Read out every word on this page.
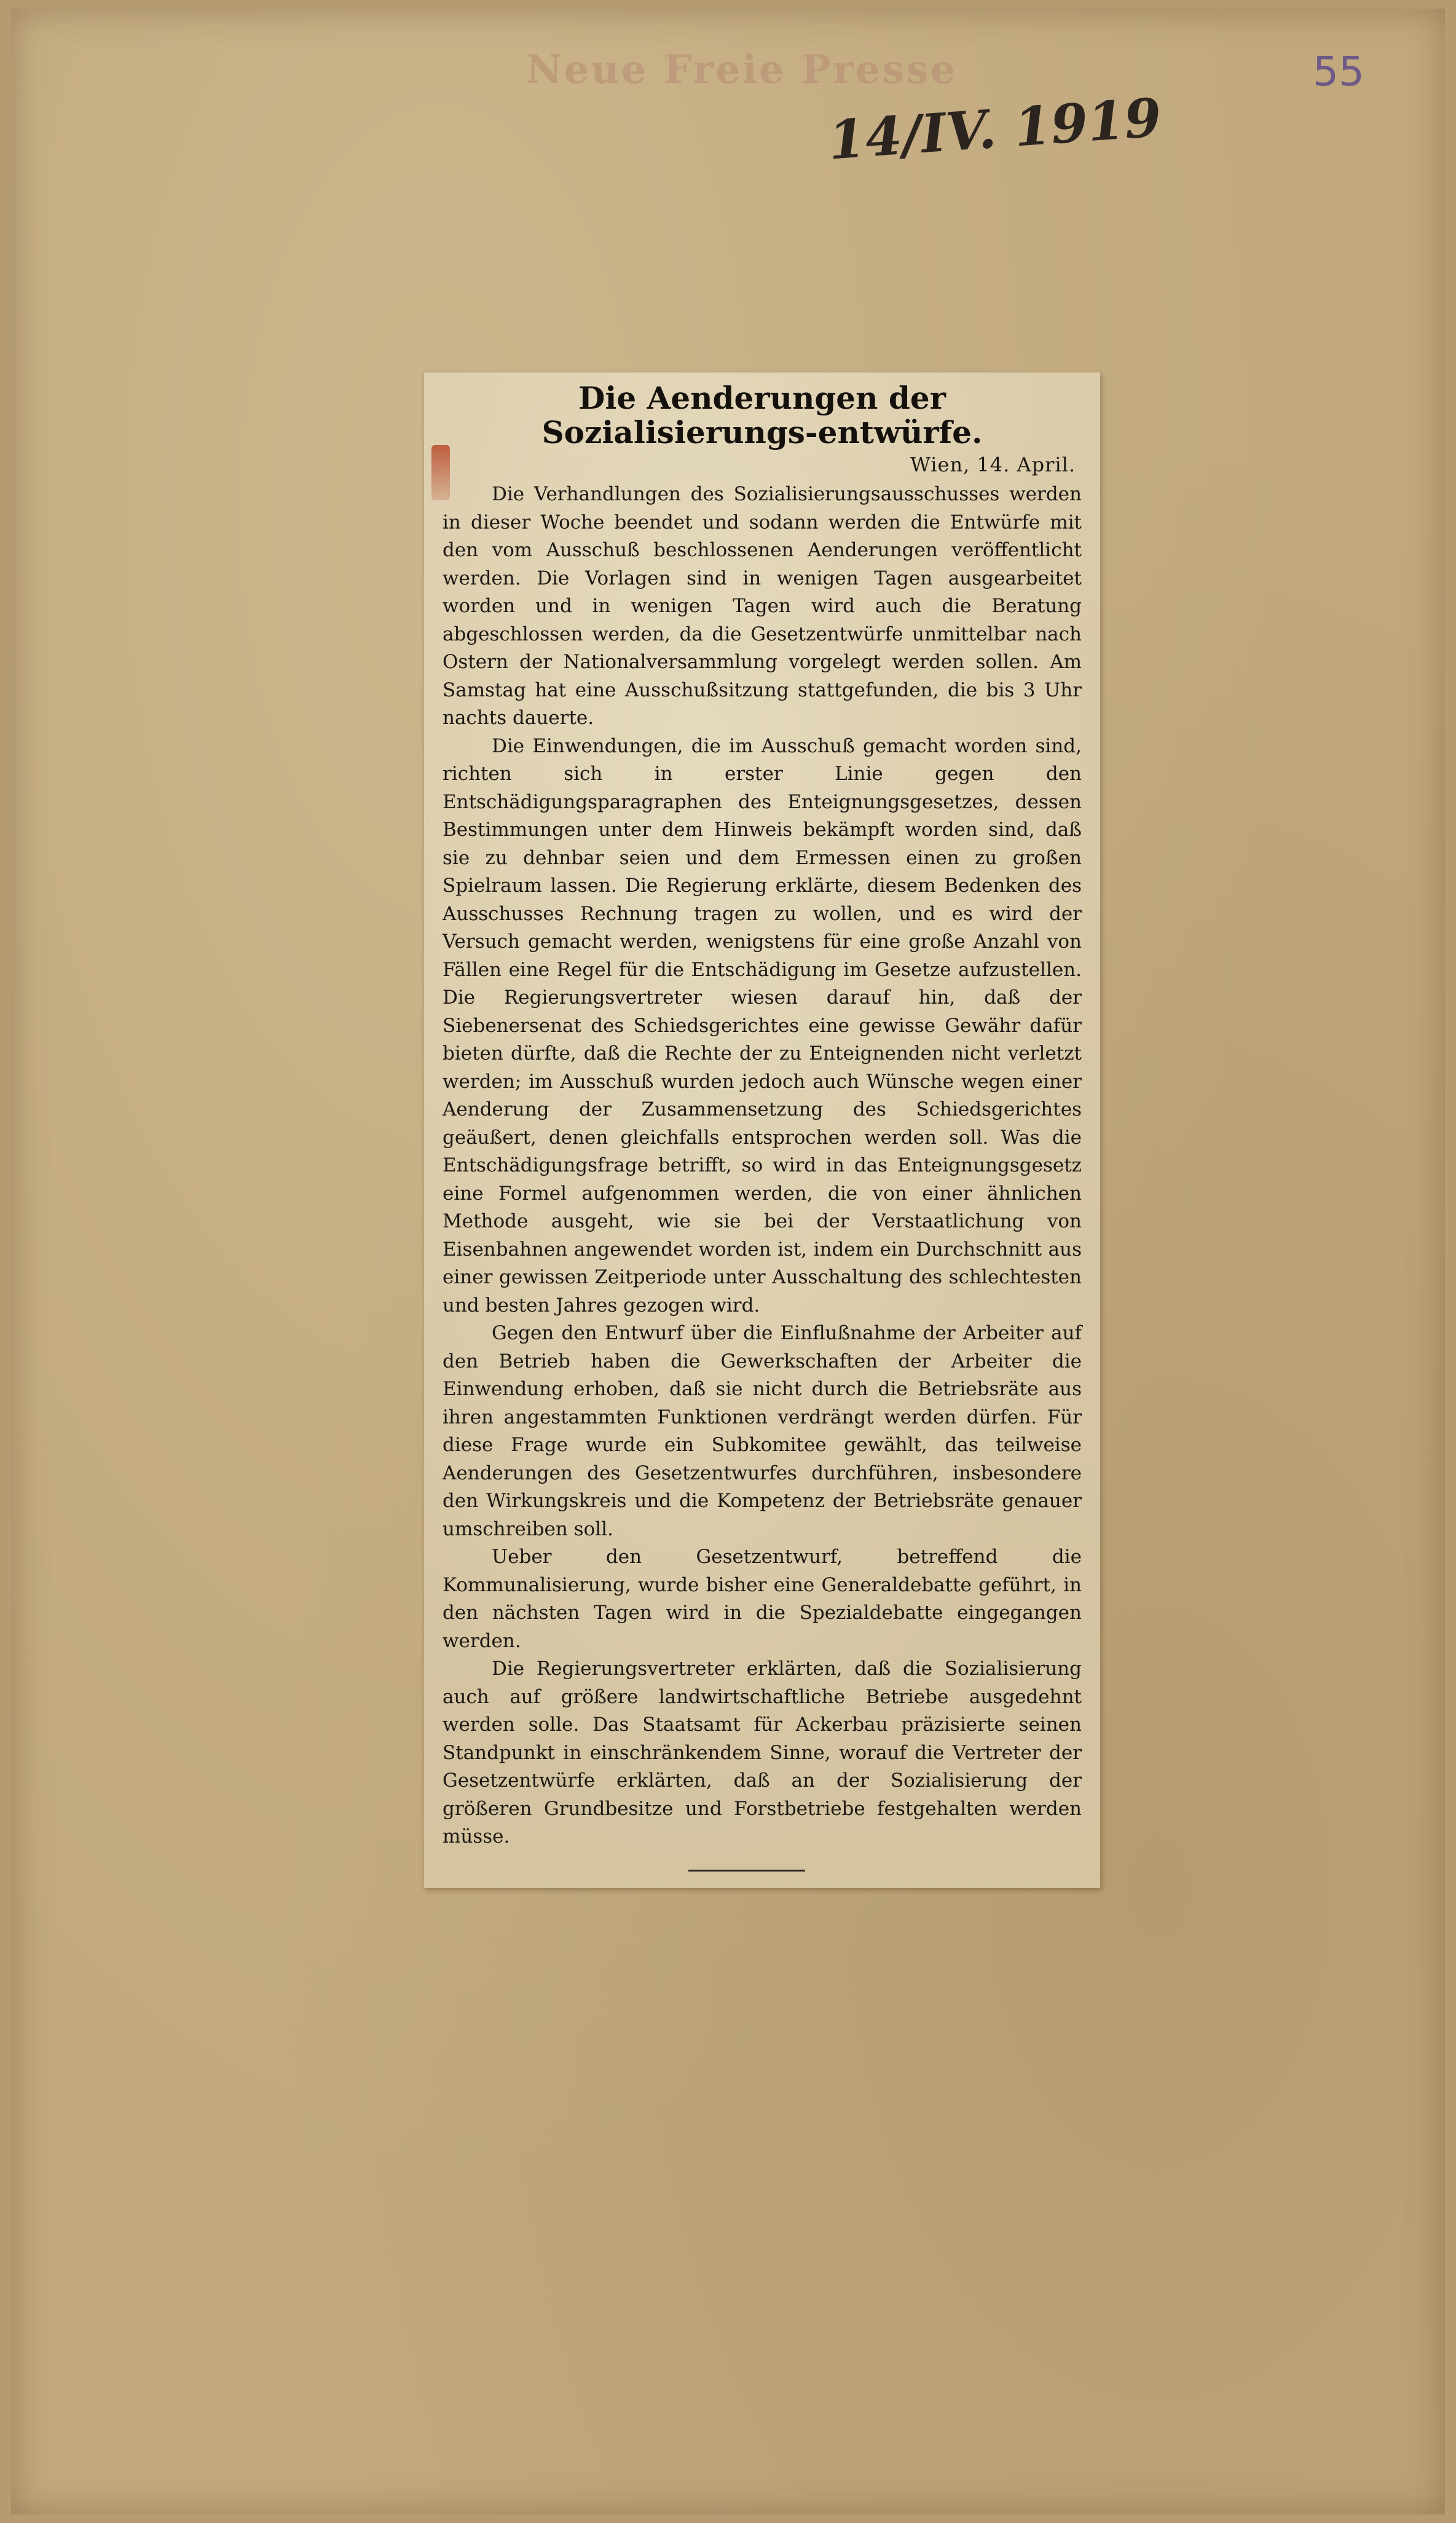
Neue Freie Presse	55
14/IV. 1919
Die Aenderungen der Sozialisierungs-entwürfe.
Wien, 14. April.

Die Verhandlungen des Sozialisierungsausschusses werden in dieser Woche beendet und sodann werden die Entwürfe mit den vom Ausschuß beschlossenen Aenderungen veröffentlicht werden. Die Vorlagen sind in wenigen Tagen ausgearbeitet worden und in wenigen Tagen wird auch die Beratung abgeschlossen werden, da die Gesetzentwürfe unmittelbar nach Ostern der Nationalversammlung vorgelegt werden sollen. Am Samstag hat eine Ausschußsitzung stattgefunden, die bis 3 Uhr nachts dauerte.

Die Einwendungen, die im Ausschuß gemacht worden sind, richten sich in erster Linie gegen den Entschädigungsparagraphen des Enteignungsgesetzes, dessen Bestimmungen unter dem Hinweis bekämpft worden sind, daß sie zu dehnbar seien und dem Ermessen einen zu großen Spielraum lassen. Die Regierung erklärte, diesem Bedenken des Ausschusses Rechnung tragen zu wollen, und es wird der Versuch gemacht werden, wenigstens für eine große Anzahl von Fällen eine Regel für die Entschädigung im Gesetze aufzustellen. Die Regierungsvertreter wiesen darauf hin, daß der Siebenersenat des Schiedsgerichtes eine gewisse Gewähr dafür bieten dürfte, daß die Rechte der zu Enteignenden nicht verletzt werden; im Ausschuß wurden jedoch auch Wünsche wegen einer Aenderung der Zusammensetzung des Schiedsgerichtes geäußert, denen gleichfalls entsprochen werden soll. Was die Entschädigungsfrage betrifft, so wird in das Enteignungsgesetz eine Formel aufgenommen werden, die von einer ähnlichen Methode ausgeht, wie sie bei der Verstaatlichung von Eisenbahnen angewendet worden ist, indem ein Durchschnitt aus einer gewissen Zeitperiode unter Ausschaltung des schlechtesten und besten Jahres gezogen wird.

Gegen den Entwurf über die Einflußnahme der Arbeiter auf den Betrieb haben die Gewerkschaften der Arbeiter die Einwendung erhoben, daß sie nicht durch die Betriebsräte aus ihren angestammten Funktionen verdrängt werden dürfen. Für diese Frage wurde ein Subkomitee gewählt, das teilweise Aenderungen des Gesetzentwurfes durchführen, insbesondere den Wirkungskreis und die Kompetenz der Betriebsräte genauer umschreiben soll.

Ueber den Gesetzentwurf, betreffend die Kommunalisierung, wurde bisher eine Generaldebatte geführt, in den nächsten Tagen wird in die Spezialdebatte eingegangen werden.

Die Regierungsvertreter erklärten, daß die Sozialisierung auch auf größere landwirtschaftliche Betriebe ausgedehnt werden solle. Das Staatsamt für Ackerbau präzisierte seinen Standpunkt in einschränkendem Sinne, worauf die Vertreter der Gesetzentwürfe erklärten, daß an der Sozialisierung der größeren Grundbesitze und Forstbetriebe festgehalten werden müsse.
